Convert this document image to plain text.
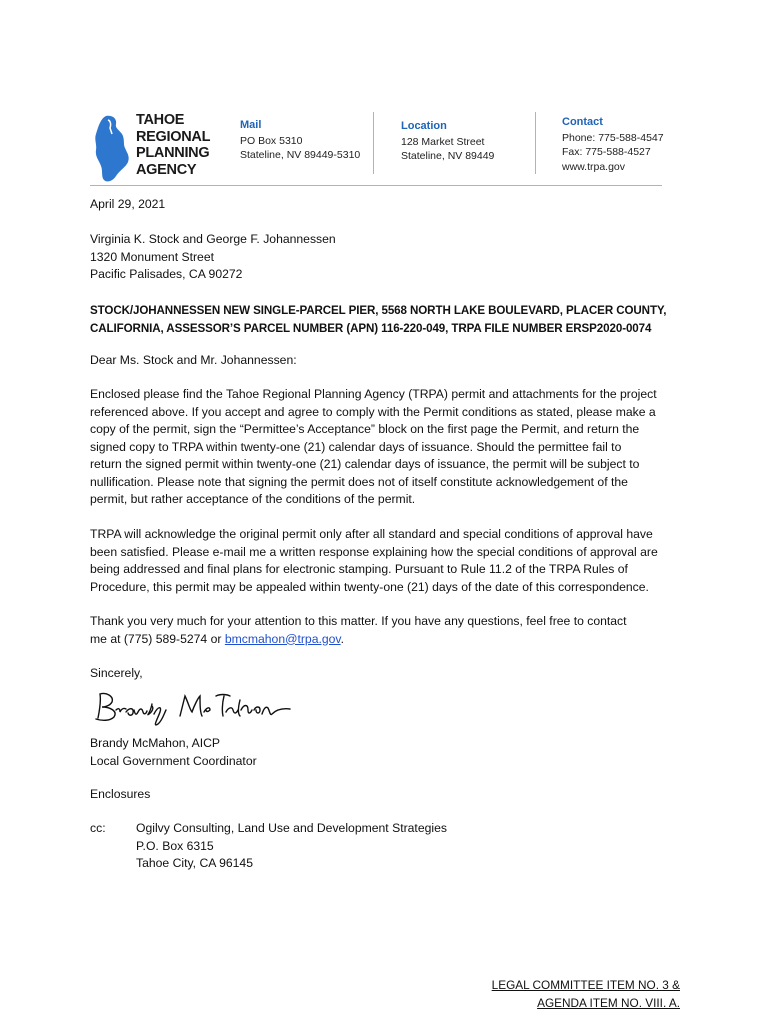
TAHOE
REGIONAL
PLANNING
AGENCY
Mail
PO Box 5310
Stateline, NV 89449-5310
Location
128 Market Street
Stateline, NV 89449
Contact
Phone: 775-588-4547
Fax: 775-588-4527
www.trpa.gov
April 29, 2021
Virginia K. Stock and George F. Johannessen
1320 Monument Street
Pacific Palisades, CA 90272
STOCK/JOHANNESSEN NEW SINGLE-PARCEL PIER, 5568 NORTH LAKE BOULEVARD, PLACER COUNTY,
CALIFORNIA, ASSESSOR’S PARCEL NUMBER (APN) 116-220-049, TRPA FILE NUMBER ERSP2020-0074
Dear Ms. Stock and Mr. Johannessen:
Enclosed please find the Tahoe Regional Planning Agency (TRPA) permit and attachments for the project
referenced above. If you accept and agree to comply with the Permit conditions as stated, please make a
copy of the permit, sign the “Permittee’s Acceptance” block on the first page the Permit, and return the
signed copy to TRPA within twenty-one (21) calendar days of issuance. Should the permittee fail to
return the signed permit within twenty-one (21) calendar days of issuance, the permit will be subject to
nullification. Please note that signing the permit does not of itself constitute acknowledgement of the
permit, but rather acceptance of the conditions of the permit.
TRPA will acknowledge the original permit only after all standard and special conditions of approval have
been satisfied. Please e-mail me a written response explaining how the special conditions of approval are
being addressed and final plans for electronic stamping. Pursuant to Rule 11.2 of the TRPA Rules of
Procedure, this permit may be appealed within twenty-one (21) days of the date of this correspondence.
Thank you very much for your attention to this matter. If you have any questions, feel free to contact
me at (775) 589-5274 or bmcmahon@trpa.gov.
Sincerely,
Brandy McMahon, AICP
Local Government Coordinator
Enclosures
cc: Ogilvy Consulting, Land Use and Development Strategies
P.O. Box 6315
Tahoe City, CA 96145
LEGAL COMMITTEE ITEM NO. 3 &
AGENDA ITEM NO. VIII. A.
